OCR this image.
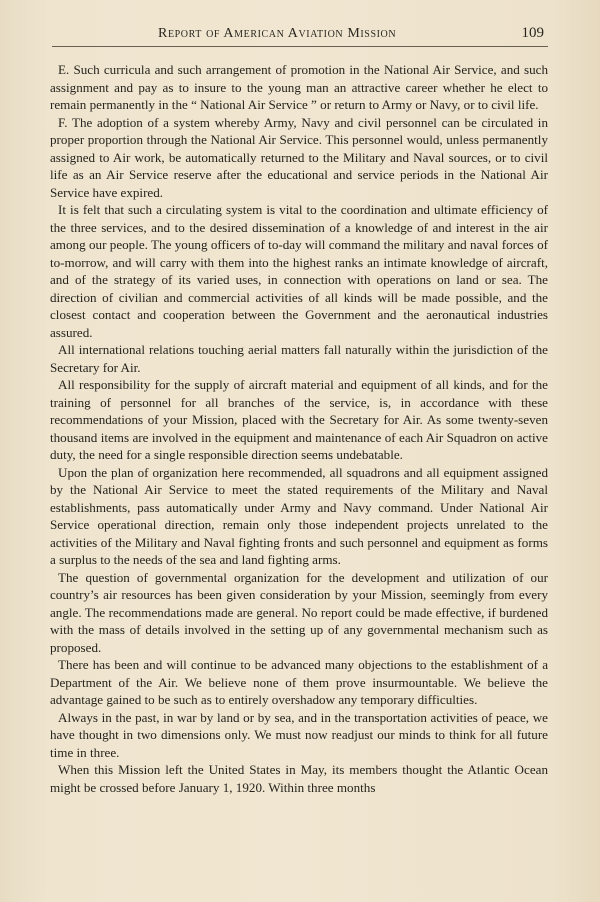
Report of American Aviation Mission	109

E. Such curricula and such arrangement of promotion in the National Air Service, and such assignment and pay as to insure to the young man an attractive career whether he elect to remain permanently in the “ National Air Service ” or return to Army or Navy, or to civil life.

F. The adoption of a system whereby Army, Navy and civil personnel can be circulated in proper proportion through the National Air Service. This personnel would, unless permanently assigned to Air work, be automatically returned to the Military and Naval sources, or to civil life as an Air Service reserve after the educational and service periods in the National Air Service have expired.

It is felt that such a circulating system is vital to the coordination and ultimate efficiency of the three services, and to the desired dissemination of a knowledge of and interest in the air among our people. The young officers of to-day will command the military and naval forces of to-morrow, and will carry with them into the highest ranks an intimate knowledge of aircraft, and of the strategy of its varied uses, in connection with operations on land or sea. The direction of civilian and commercial activities of all kinds will be made possible, and the closest contact and cooperation between the Government and the aeronautical industries assured.

All international relations touching aerial matters fall naturally within the jurisdiction of the Secretary for Air.

All responsibility for the supply of aircraft material and equipment of all kinds, and for the training of personnel for all branches of the service, is, in accordance with these recommendations of your Mission, placed with the Secretary for Air. As some twenty-seven thousand items are involved in the equipment and maintenance of each Air Squadron on active duty, the need for a single responsible direction seems undebatable.

Upon the plan of organization here recommended, all squadrons and all equipment assigned by the National Air Service to meet the stated requirements of the Military and Naval establishments, pass automatically under Army and Navy command. Under National Air Service operational direction, remain only those independent projects unrelated to the activities of the Military and Naval fighting fronts and such personnel and equipment as forms a surplus to the needs of the sea and land fighting arms.

The question of governmental organization for the development and utilization of our country’s air resources has been given consideration by your Mission, seemingly from every angle. The recommendations made are general. No report could be made effective, if burdened with the mass of details involved in the setting up of any governmental mechanism such as proposed.

There has been and will continue to be advanced many objections to the establishment of a Department of the Air. We believe none of them prove insurmountable. We believe the advantage gained to be such as to entirely overshadow any temporary difficulties.

Always in the past, in war by land or by sea, and in the transportation activities of peace, we have thought in two dimensions only. We must now readjust our minds to think for all future time in three.

When this Mission left the United States in May, its members thought the Atlantic Ocean might be crossed before January 1, 1920. Within three months
